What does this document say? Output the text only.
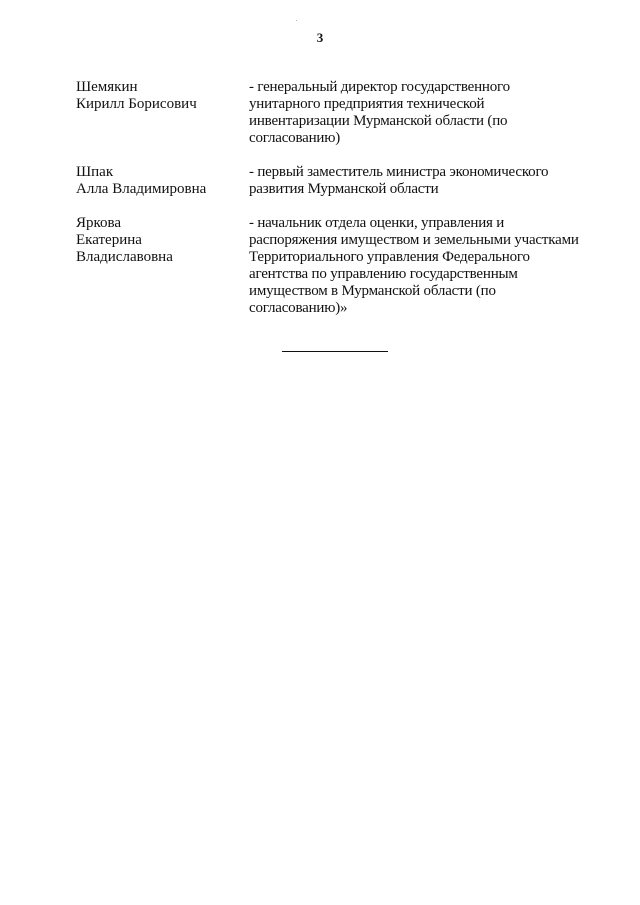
3
Шемякин
Кирилл Борисович
- генеральный директор государственного
унитарного предприятия технической
инвентаризации Мурманской области (по
согласованию)
Шпак
Алла Владимировна
- первый заместитель министра экономического
развития Мурманской области
Яркова
Екатерина
Владиславовна
- начальник отдела оценки, управления и
распоряжения имуществом и земельными участками
Территориального управления Федерального
агентства по управлению государственным
имуществом в Мурманской области (по
согласованию)»
